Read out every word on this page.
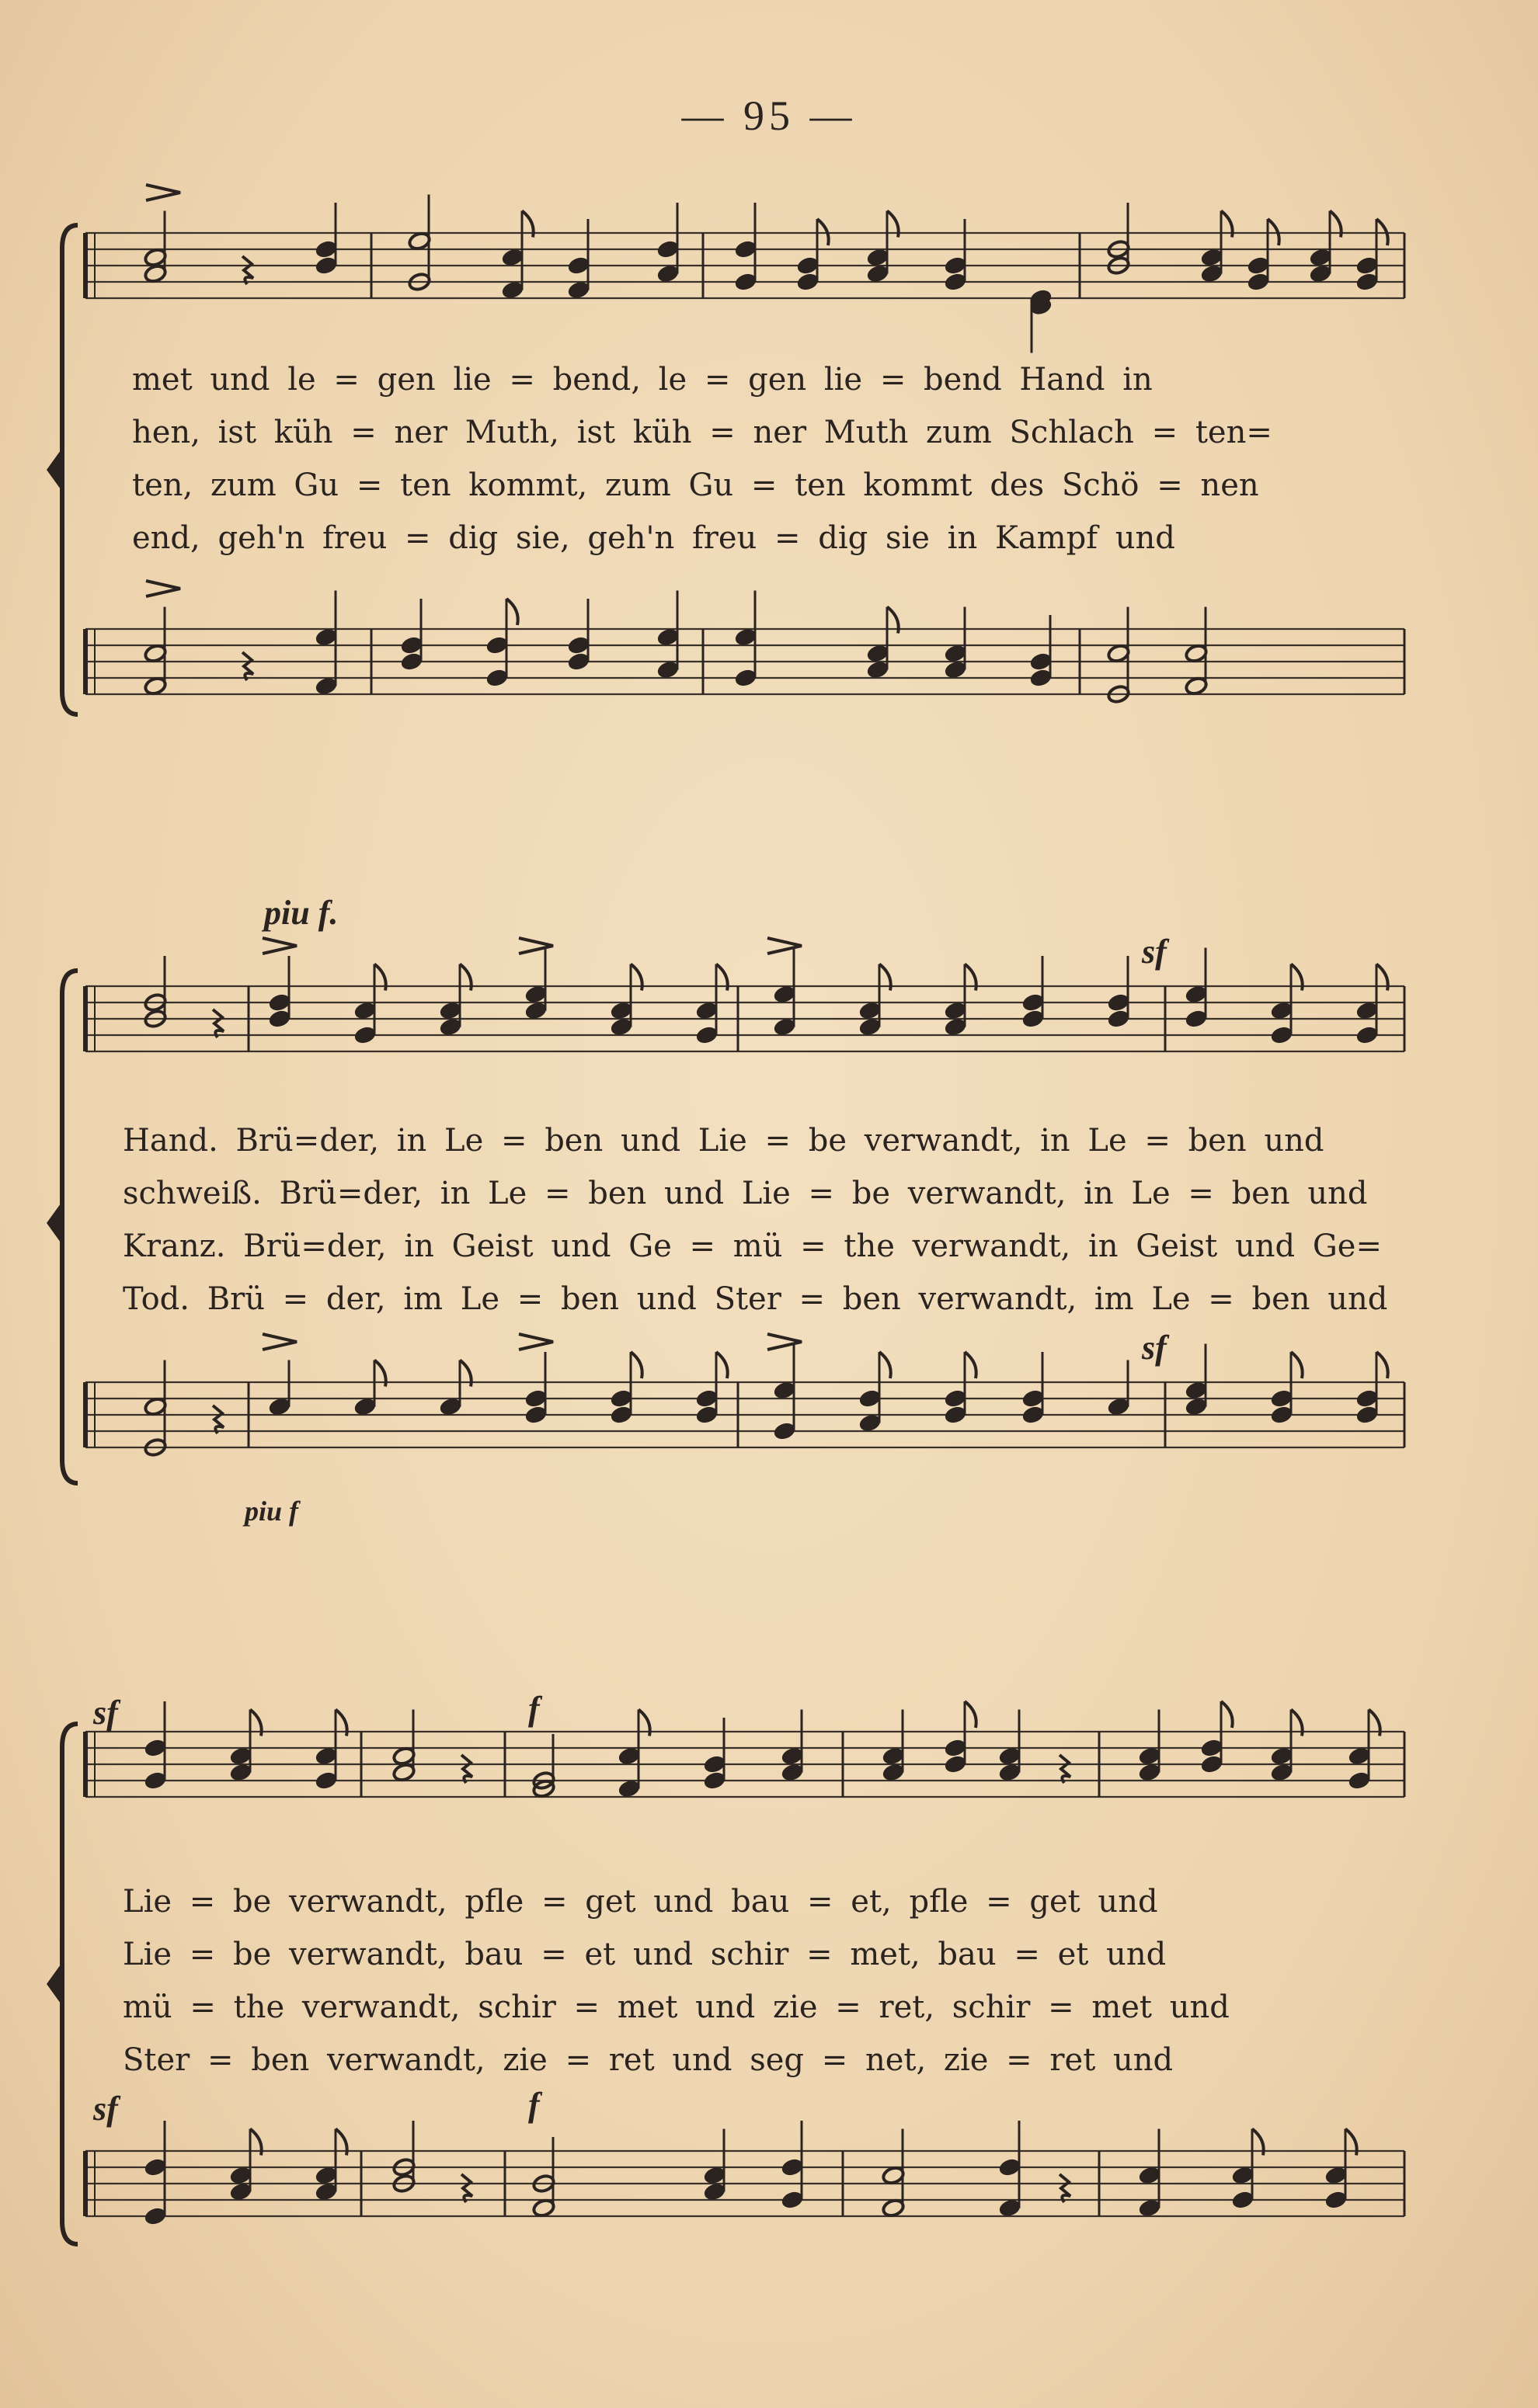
— 95 —
met und le = gen lie = bend, le = gen lie = bend Hand in
hen, ist küh = ner Muth, ist küh = ner Muth zum Schlach = ten=
ten, zum Gu = ten kommt, zum Gu = ten kommt des Schö = nen
end, geh'n freu = dig sie, geh'n freu = dig sie in Kampf und
piu f.
Hand. Brü=der, in Le = ben und Lie = be verwandt, in Le = ben und
schweiß. Brü=der, in Le = ben und Lie = be verwandt, in Le = ben und
Kranz. Brü=der, in Geist und Ge = mü = the verwandt, in Geist und Ge=
Tod. Brü = der, im Le = ben und Ster = ben verwandt, im Le = ben und
piu f
Lie = be verwandt, pfle = get und bau = et, pfle = get und
Lie = be verwandt, bau = et und schir = met, bau = et und
mü = the verwandt, schir = met und zie = ret, schir = met und
Ster = ben verwandt, zie = ret und seg = net, zie = ret und
sf
sf
sf
sf
f
f
